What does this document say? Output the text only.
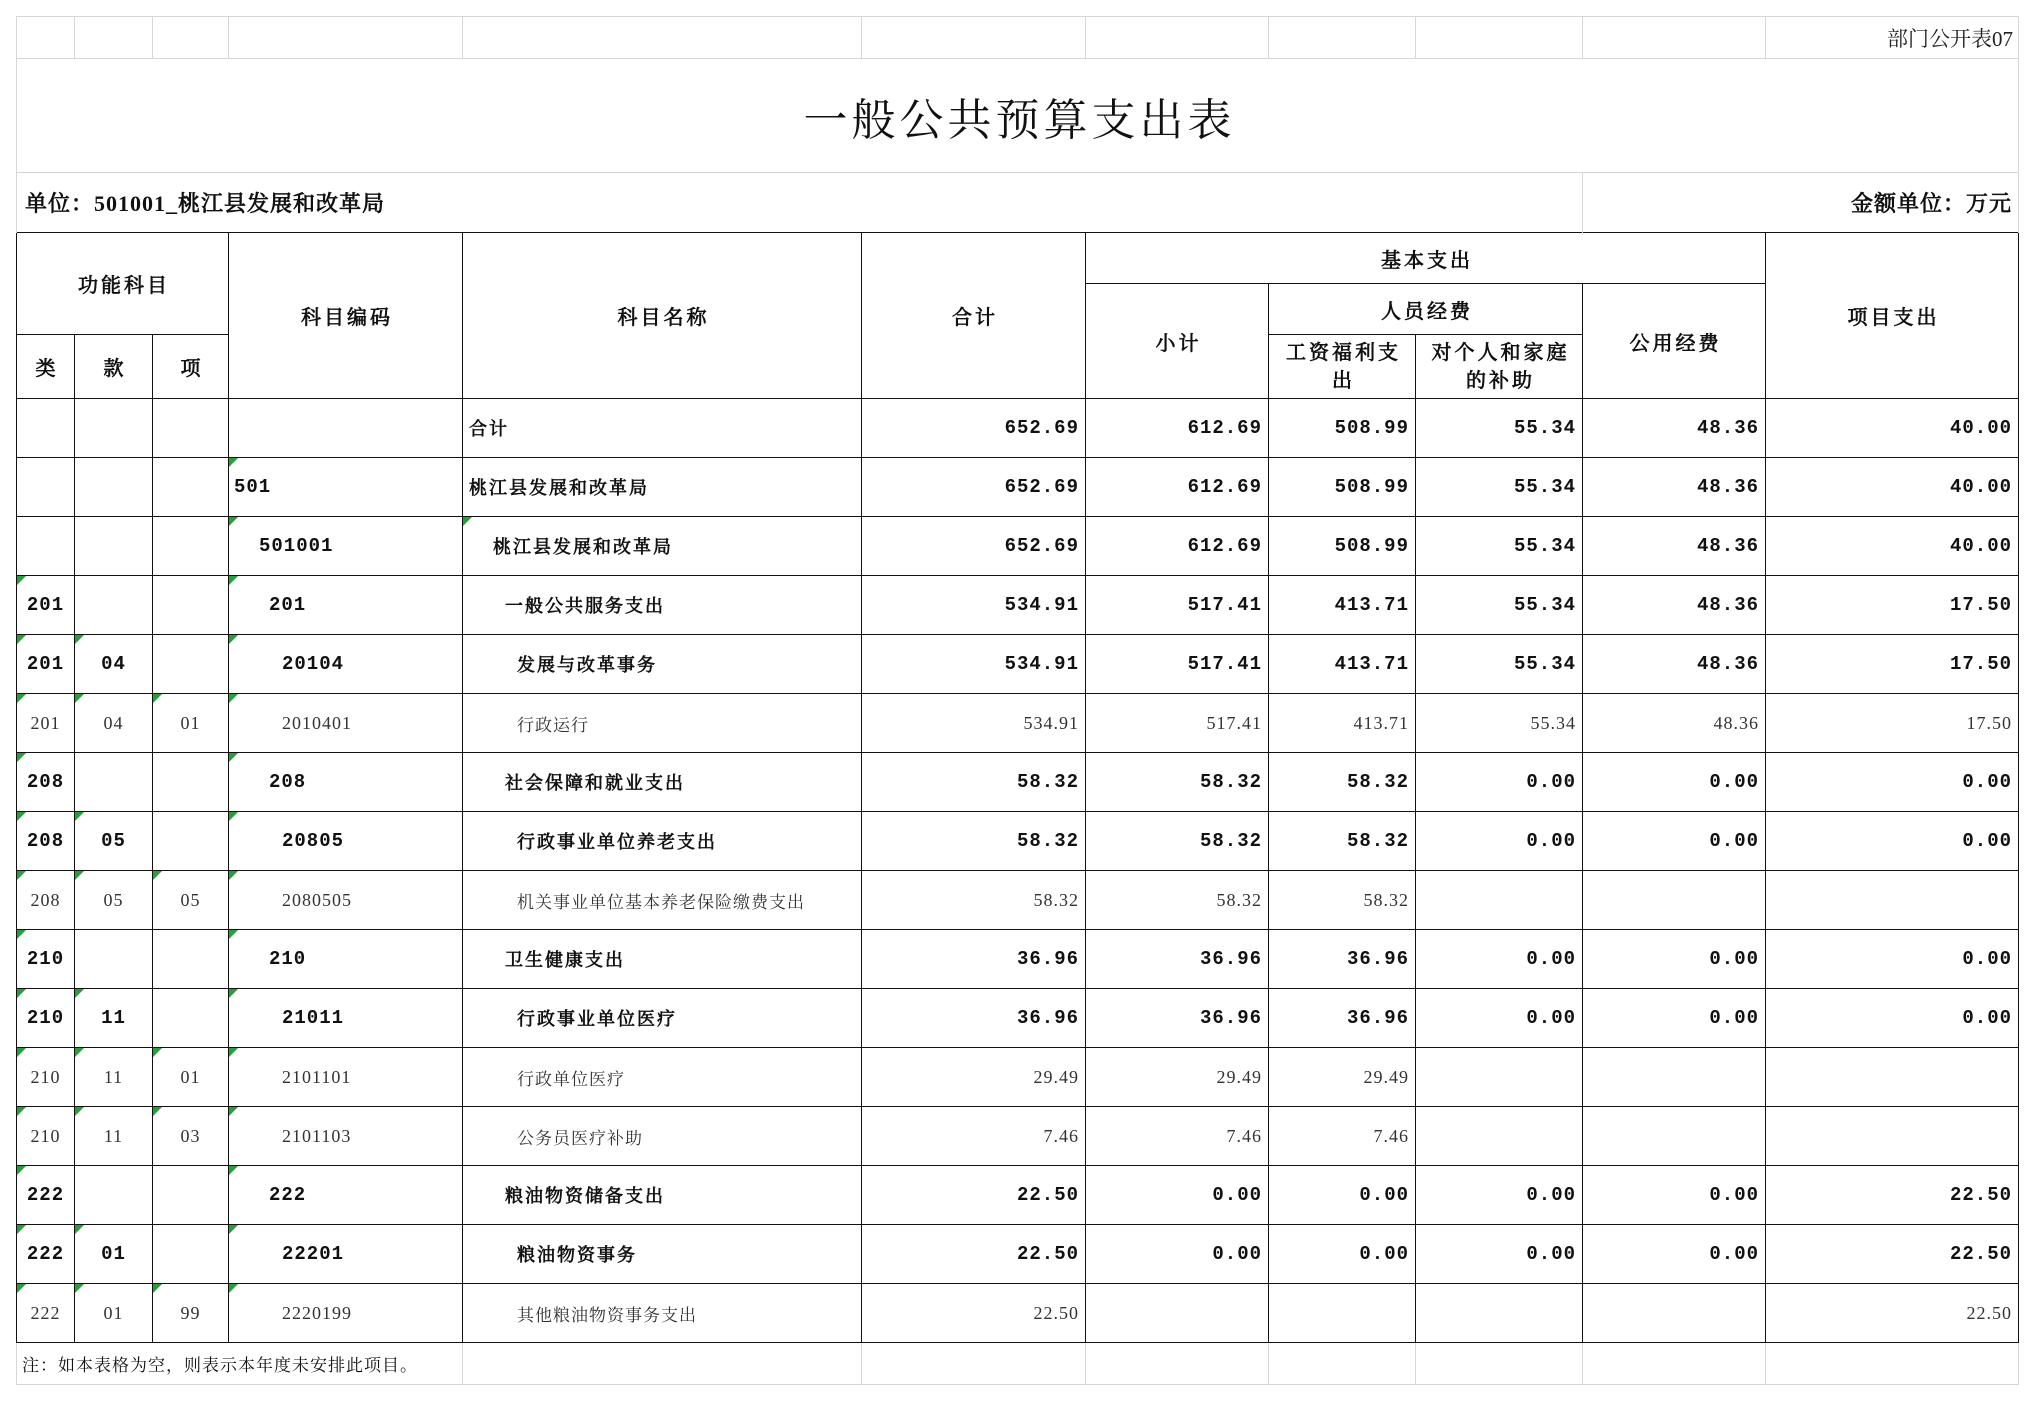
										部门公开表07
一般公共预算支出表										
单位：501001_桃江县发展和改革局									金额单位：万元	
功能科目			科目编码	科目名称	合计	基本支出				项目支出
						小计	人员经费		公用经费	
类	款	项					工资福利支出	对个人和家庭的补助		
				合计	652.69	612.69	508.99	55.34	48.36	40.00
			501	桃江县发展和改革局	652.69	612.69	508.99	55.34	48.36	40.00
			501001	桃江县发展和改革局	652.69	612.69	508.99	55.34	48.36	40.00
201			201	一般公共服务支出	534.91	517.41	413.71	55.34	48.36	17.50
201	04		20104	发展与改革事务	534.91	517.41	413.71	55.34	48.36	17.50
201	04	01	2010401	行政运行	534.91	517.41	413.71	55.34	48.36	17.50
208			208	社会保障和就业支出	58.32	58.32	58.32	0.00	0.00	0.00
208	05		20805	行政事业单位养老支出	58.32	58.32	58.32	0.00	0.00	0.00
208	05	05	2080505	机关事业单位基本养老保险缴费支出	58.32	58.32	58.32			
210			210	卫生健康支出	36.96	36.96	36.96	0.00	0.00	0.00
210	11		21011	行政事业单位医疗	36.96	36.96	36.96	0.00	0.00	0.00
210	11	01	2101101	行政单位医疗	29.49	29.49	29.49			
210	11	03	2101103	公务员医疗补助	7.46	7.46	7.46			
222			222	粮油物资储备支出	22.50	0.00	0.00	0.00	0.00	22.50
222	01		22201	粮油物资事务	22.50	0.00	0.00	0.00	0.00	22.50
222	01	99	2220199	其他粮油物资事务支出	22.50					22.50
注：如本表格为空，则表示本年度未安排此项目。										
